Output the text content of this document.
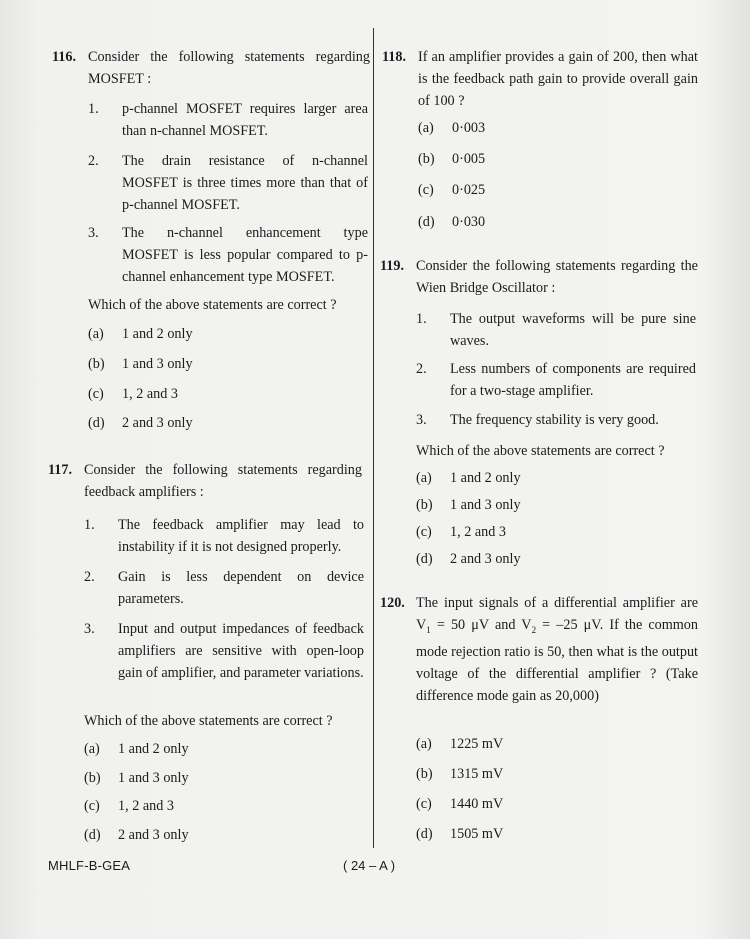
116. Consider the following statements regarding MOSFET :
1.	p-channel MOSFET requires larger area than n-channel MOSFET.
2.	The drain resistance of n-channel MOSFET is three times more than that of p-channel MOSFET.
3.	The n-channel enhancement type MOSFET is less popular compared to p-channel enhancement type MOSFET.
Which of the above statements are correct ?
(a)	1 and 2 only
(b)	1 and 3 only
(c)	1, 2 and 3
(d)	2 and 3 only
117. Consider the following statements regarding feedback amplifiers :
1.	The feedback amplifier may lead to instability if it is not designed properly.
2.	Gain is less dependent on device parameters.
3.	Input and output impedances of feedback amplifiers are sensitive with open-loop gain of amplifier, and parameter variations.
Which of the above statements are correct ?
(a)	1 and 2 only
(b)	1 and 3 only
(c)	1, 2 and 3
(d)	2 and 3 only
118. If an amplifier provides a gain of 200, then what is the feedback path gain to provide overall gain of 100 ?
(a)	0·003
(b)	0·005
(c)	0·025
(d)	0·030
119. Consider the following statements regarding the Wien Bridge Oscillator :
1.	The output waveforms will be pure sine waves.
2.	Less numbers of components are required for a two-stage amplifier.
3.	The frequency stability is very good.
Which of the above statements are correct ?
(a)	1 and 2 only
(b)	1 and 3 only
(c)	1, 2 and 3
(d)	2 and 3 only
120. The input signals of a differential amplifier are $V_1 = 50$ μV and $V_2 = -25$ μV. If the common mode rejection ratio is 50, then what is the output voltage of the differential amplifier ? (Take difference mode gain as 20,000)
(a)	1225 mV
(b)	1315 mV
(c)	1440 mV
(d)	1505 mV
MHLF-B-GEA	( 24 – A )
